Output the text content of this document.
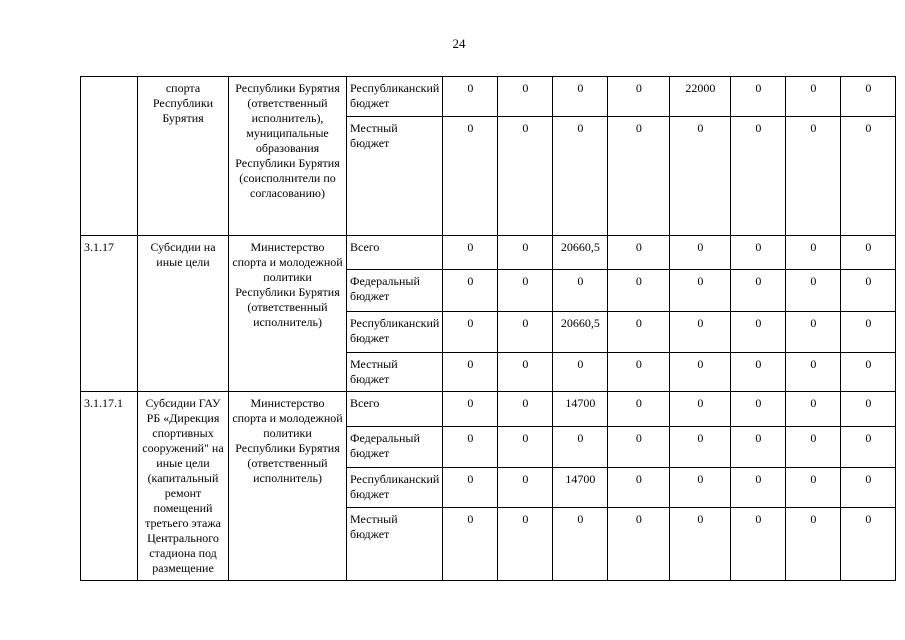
24
	спорта Республики Бурятия	Республики Бурятия (ответственный исполнитель), муниципальные образования Республики Бурятия (соисполнители по согласованию)	Республиканский бюджет	0	0	0	0	22000	0	0	0
			Местный бюджет	0	0	0	0	0	0	0	0
3.1.17	Субсидии на иные цели	Министерство спорта и молодежной политики Республики Бурятия (ответственный исполнитель)	Всего	0	0	20660,5	0	0	0	0	0
			Федеральный бюджет	0	0	0	0	0	0	0	0
			Республиканский бюджет	0	0	20660,5	0	0	0	0	0
			Местный бюджет	0	0	0	0	0	0	0	0
3.1.17.1	Субсидии ГАУ РБ «Дирекция спортивных сооружений" на иные цели (капитальный ремонт помещений третьего этажа Центрального стадиона под размещение	Министерство спорта и молодежной политики Республики Бурятия (ответственный исполнитель)	Всего	0	0	14700	0	0	0	0	0
			Федеральный бюджет	0	0	0	0	0	0	0	0
			Республиканский бюджет	0	0	14700	0	0	0	0	0
			Местный бюджет	0	0	0	0	0	0	0	0
